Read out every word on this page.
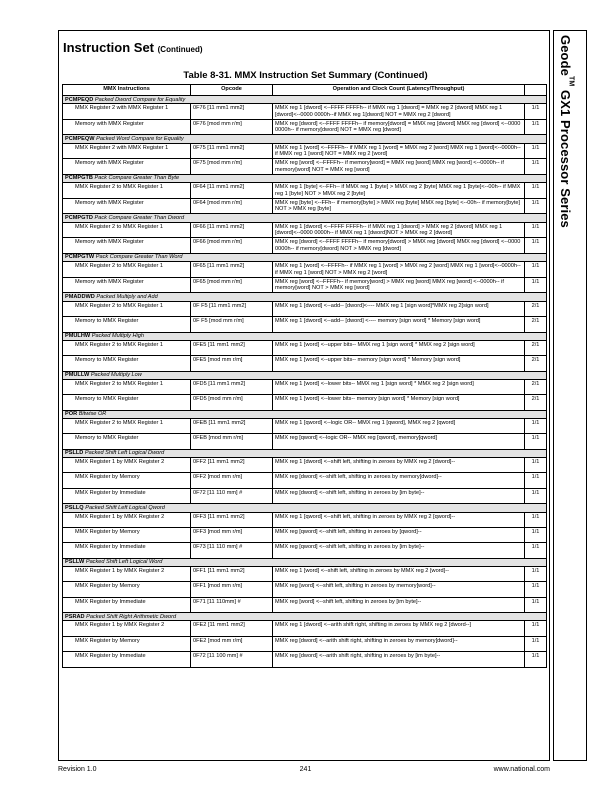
Geode™ GX1 Processor Series
Instruction Set (Continued)
Table 8-31. MMX Instruction Set Summary (Continued)
MMX Instructions	Opcode	Operation and Clock Count (Latency/Throughput)	
PCMPEQD Packed Dword Compare for Equality			
MMX Register 2 with MMX Register 1	0F76 [11 mm1 mm2]	MMX reg 1 [dword] <--FFFF FFFFh-- if MMX reg 1 [dword] = MMX reg 2 [dword] MMX reg 1 [dword]<--0000 0000h--if MMX reg 1[dword] NOT = MMX reg 2 [dword]	1/1
Memory with MMX Register	0F76 [mod mm r/m]	MMX reg [dword] <--FFFF FFFFh-- if memory[dword] = MMX reg [dword] MMX reg [dword] <--0000 0000h-- if memory[dword] NOT = MMX reg [dword]	1/1
PCMPEQW Packed Word Compare for Equality			
MMX Register 2 with MMX Register 1	0F75 [11 mm1 mm2]	MMX reg 1 [word] <--FFFFh-- if MMX reg 1 [word] = MMX reg 2 [word] MMX reg 1 [word]<--0000h-- if MMX reg 1 [word] NOT = MMX reg 2 [word]	1/1
Memory with MMX Register	0F75 [mod mm r/m]	MMX reg [word] <--FFFFh-- if memory[word] = MMX reg [word] MMX reg [word] <--0000h-- if memory[word] NOT = MMX reg [word]	1/1
PCMPGTB Pack Compare Greater Than Byte			
MMX Register 2 to MMX Register 1	0F64 [11 mm1 mm2]	MMX reg 1 [byte] <--FFh-- if MMX reg 1 [byte] > MMX reg 2 [byte] MMX reg 1 [byte]<--00h-- if MMX reg 1 [byte] NOT > MMX reg 2 [byte]	1/1
Memory with MMX Register	0F64 [mod mm r/m]	MMX reg [byte] <--FFh-- if memory[byte] > MMX reg [byte] MMX reg [byte] <--00h-- if memory[byte] NOT > MMX reg [byte]	1/1
PCMPGTD Pack Compare Greater Than Dword			
MMX Register 2 to MMX Register 1	0F66 [11 mm1 mm2]	MMX reg 1 [dword] <--FFFF FFFFh-- if MMX reg 1 [dword] > MMX reg 2 [dword] MMX reg 1 [dword]<--0000 0000h-- if MMX reg 1 [dword]NOT > MMX reg 2 [dword]	1/1
Memory with MMX Register	0F66 [mod mm r/m]	MMX reg [dword] <--FFFF FFFFh-- if memory[dword] > MMX reg [dword] MMX reg [dword] <--0000 0000h-- if memory[dword] NOT > MMX reg [dword]	1/1
PCMPGTW Pack Compare Greater Than Word			
MMX Register 2 to MMX Register 1	0F65 [11 mm1 mm2]	MMX reg 1 [word] <--FFFFh-- if MMX reg 1 [word] > MMX reg 2 [word] MMX reg 1 [word]<--0000h-- if MMX reg 1 [word] NOT > MMX reg 2 [word]	1/1
Memory with MMX Register	0F65 [mod mm r/m]	MMX reg [word] <--FFFFh-- if memory[word] > MMX reg [word] MMX reg [word] <--0000h-- if memory[word] NOT > MMX reg [word]	1/1
PMADDWD Packed Multiply and Add			
MMX Register 2 to MMX Register 1	0F F5 [11 mm1 mm2]	MMX reg 1 [dword] <--add-- [dword]<---- MMX reg 1 [sign word]*MMX reg 2[sign word]	2/1
Memory to MMX Register	0F F5 [mod mm r/m]	MMX reg 1 [dword] <--add-- [dword] <---- memory [sign word] * Memory [sign word]	2/1
PMULHW Packed Multiply High			
MMX Register 2 to MMX Register 1	0FE5 [11 mm1 mm2]	MMX reg 1 [word] <--upper bits-- MMX reg 1 [sign word] * MMX reg 2 [sign word]	2/1
Memory to MMX Register	0FE5 [mod mm r/m]	MMX reg 1 [word] <--upper bits-- memory [sign word] * Memory [sign word]	2/1
PMULLW Packed Multiply Low			
MMX Register 2 to MMX Register 1	0FD5 [11 mm1 mm2]	MMX reg 1 [word] <--lower bits-- MMX reg 1 [sign word] * MMX reg 2 [sign word]	2/1
Memory to MMX Register	0FD5 [mod mm r/m]	MMX reg 1 [word] <--lower bits-- memory [sign word] * Memory [sign word]	2/1
POR Bitwise OR			
MMX Register 2 to MMX Register 1	0FEB [11 mm1 mm2]	MMX reg 1 [qword] <--logic OR-- MMX reg 1 [qword], MMX reg 2 [qword]	1/1
Memory to MMX Register	0FEB [mod mm r/m]	MMX reg [qword] <--logic OR-- MMX reg [qword], memory[qword]	1/1
PSLLD Packed Shift Left Logical Dword			
MMX Register 1 by MMX Register 2	0FF2 [11 mm1 mm2]	MMX reg 1 [dword] <--shift left, shifting in zeroes by MMX reg 2 [dword]--	1/1
MMX Register by Memory	0FF2 [mod mm r/m]	MMX reg [dword] <--shift left, shifting in zeroes by memory[dword]--	1/1
MMX Register by Immediate	0F72 [11 110 mm] #	MMX reg [dword] <--shift left, shifting in zeroes by [im byte]--	1/1
PSLLQ Packed Shift Left Logical Qword			
MMX Register 1 by MMX Register 2	0FF3 [11 mm1 mm2]	MMX reg 1 [qword] <--shift left, shifting in zeroes by MMX reg 2 [qword]--	1/1
MMX Register by Memory	0FF3 [mod mm r/m]	MMX reg [qword] <--shift left, shifting in zeroes by [qword]--	1/1
MMX Register by Immediate	0F73 [11 110 mm] #	MMX reg [qword] <--shift left, shifting in zeroes by [im byte]--	1/1
PSLLW Packed Shift Left Logical Word			
MMX Register 1 by MMX Register 2	0FF1 [11 mm1 mm2]	MMX reg 1 [word] <--shift left, shifting in zeroes by MMX reg 2 [word]--	1/1
MMX Register by Memory	0FF1 [mod mm r/m]	MMX reg [word] <--shift left, shifting in zeroes by memory[word]--	1/1
MMX Register by Immediate	0F71 [11 110mm] #	MMX reg [word] <--shift left, shifting in zeroes by [im byte]--	1/1
PSRAD Packed Shift Right Arithmetic Dword			
MMX Register 1 by MMX Register 2	0FE2 [11 mm1 mm2]	MMX reg 1 [dword] <--arith shift right, shifting in zeroes by MMX reg 2 [dword--]	1/1
MMX Register by Memory	0FE2 [mod mm r/m]	MMX reg [dword] <--arith shift right, shifting in zeroes by memory[dword]--	1/1
MMX Register by Immediate	0F72 [11 100 mm] #	MMX reg [dword] <--arith shift right, shifting in zeroes by [im byte]--	1/1
Revision 1.0	241	www.national.com
